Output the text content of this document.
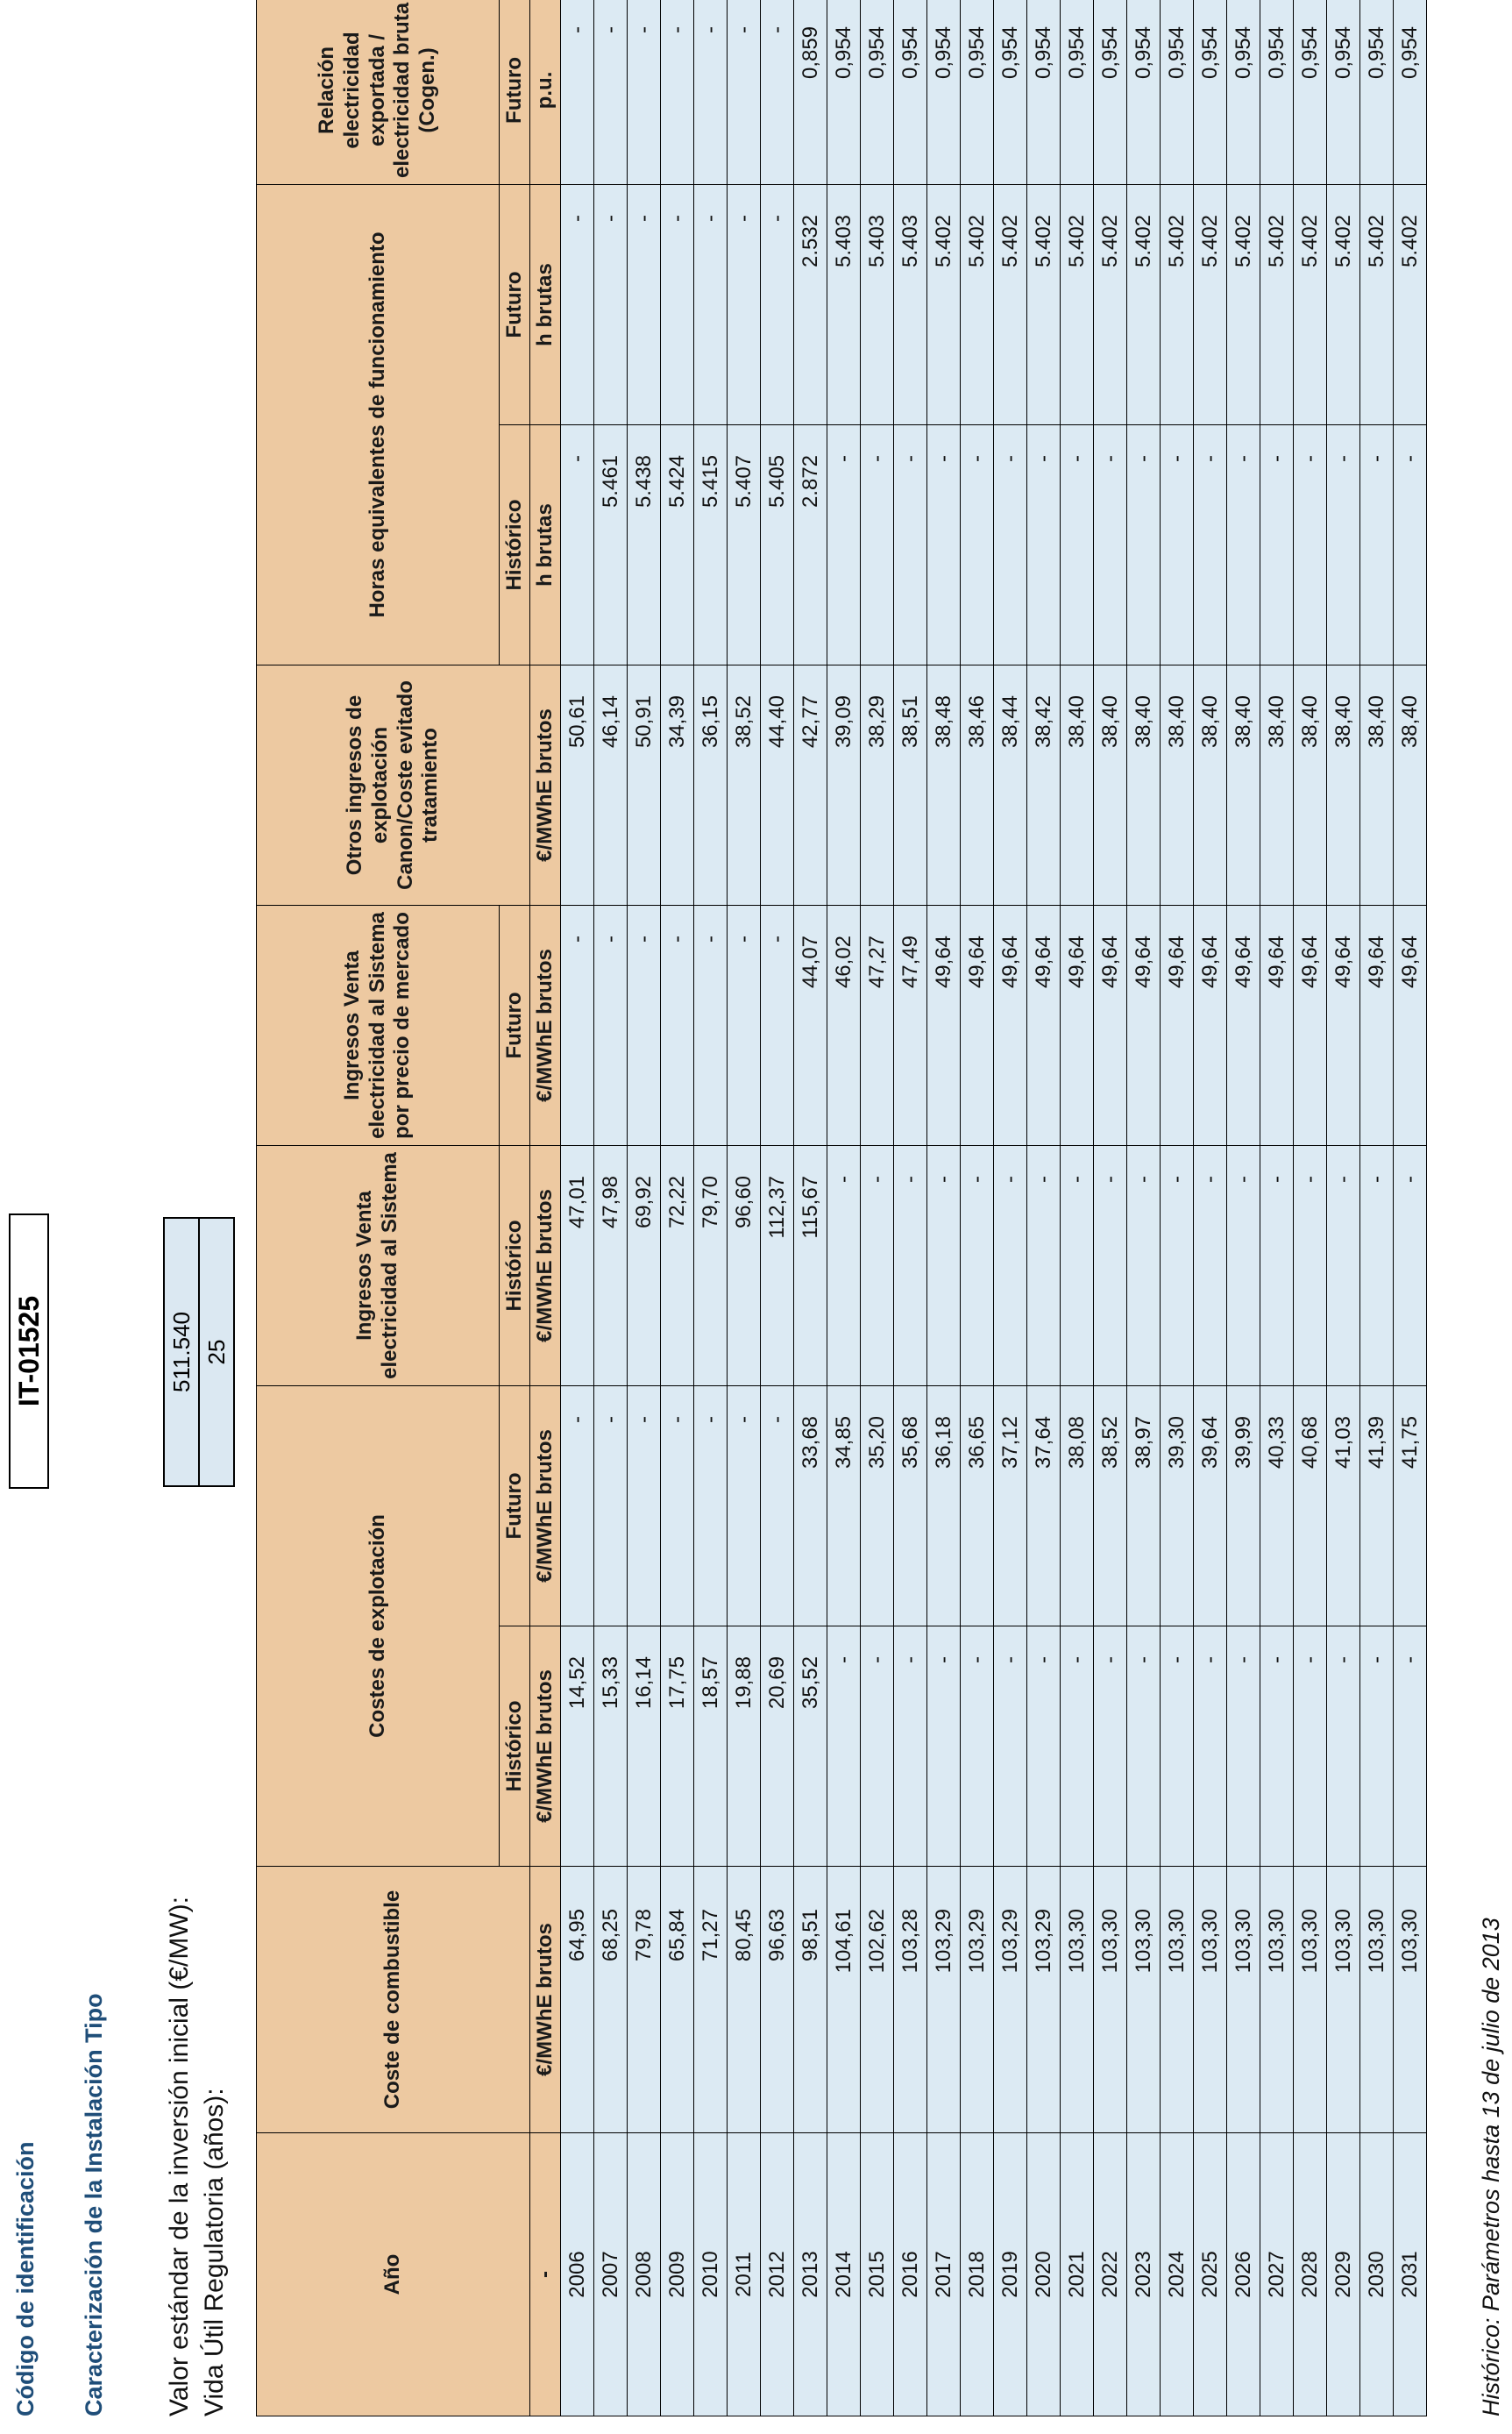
Código de identificación
IT-01525
Caracterización de la Instalación Tipo Valor estándar de la inversión inicial (€/MW):
511.540
Vida Útil Regulatoria (años):
25
Año	Coste de combustible	Costes de explotación		Ingresos Venta electricidad al Sistema	Ingresos Venta electricidad al Sistema por precio de mercado	Otros ingresos de explotación Canon/Coste evitado tratamiento	Horas equivalentes de funcionamiento		Relación electricidad exportada / electricidad bruta (Cogen.)
		Histórico	Futuro	Histórico	Futuro		Histórico	Futuro	Futuro
-	€/MWhE brutos	€/MWhE brutos	€/MWhE brutos	€/MWhE brutos	€/MWhE brutos	€/MWhE brutos	h brutas	h brutas	p.u.
2006	64,95	14,52	-	47,01	-	50,61	-	-	-
2007	68,25	15,33	-	47,98	-	46,14	5.461	-	-
2008	79,78	16,14	-	69,92	-	50,91	5.438	-	-
2009	65,84	17,75	-	72,22	-	34,39	5.424	-	-
2010	71,27	18,57	-	79,70	-	36,15	5.415	-	-
2011	80,45	19,88	-	96,60	-	38,52	5.407	-	-
2012	96,63	20,69	-	112,37	-	44,40	5.405	-	-
2013	98,51	35,52	33,68	115,67	44,07	42,77	2.872	2.532	0,859
2014	104,61	-	34,85	-	46,02	39,09	-	5.403	0,954
2015	102,62	-	35,20	-	47,27	38,29	-	5.403	0,954
2016	103,28	-	35,68	-	47,49	38,51	-	5.403	0,954
2017	103,29	-	36,18	-	49,64	38,48	-	5.402	0,954
2018	103,29	-	36,65	-	49,64	38,46	-	5.402	0,954
2019	103,29	-	37,12	-	49,64	38,44	-	5.402	0,954
2020	103,29	-	37,64	-	49,64	38,42	-	5.402	0,954
2021	103,30	-	38,08	-	49,64	38,40	-	5.402	0,954
2022	103,30	-	38,52	-	49,64	38,40	-	5.402	0,954
2023	103,30	-	38,97	-	49,64	38,40	-	5.402	0,954
2024	103,30	-	39,30	-	49,64	38,40	-	5.402	0,954
2025	103,30	-	39,64	-	49,64	38,40	-	5.402	0,954
2026	103,30	-	39,99	-	49,64	38,40	-	5.402	0,954
2027	103,30	-	40,33	-	49,64	38,40	-	5.402	0,954
2028	103,30	-	40,68	-	49,64	38,40	-	5.402	0,954
2029	103,30	-	41,03	-	49,64	38,40	-	5.402	0,954
2030	103,30	-	41,39	-	49,64	38,40	-	5.402	0,954
2031	103,30	-	41,75	-	49,64	38,40	-	5.402	0,954
Histórico: Parámetros hasta 13 de julio de 2013
